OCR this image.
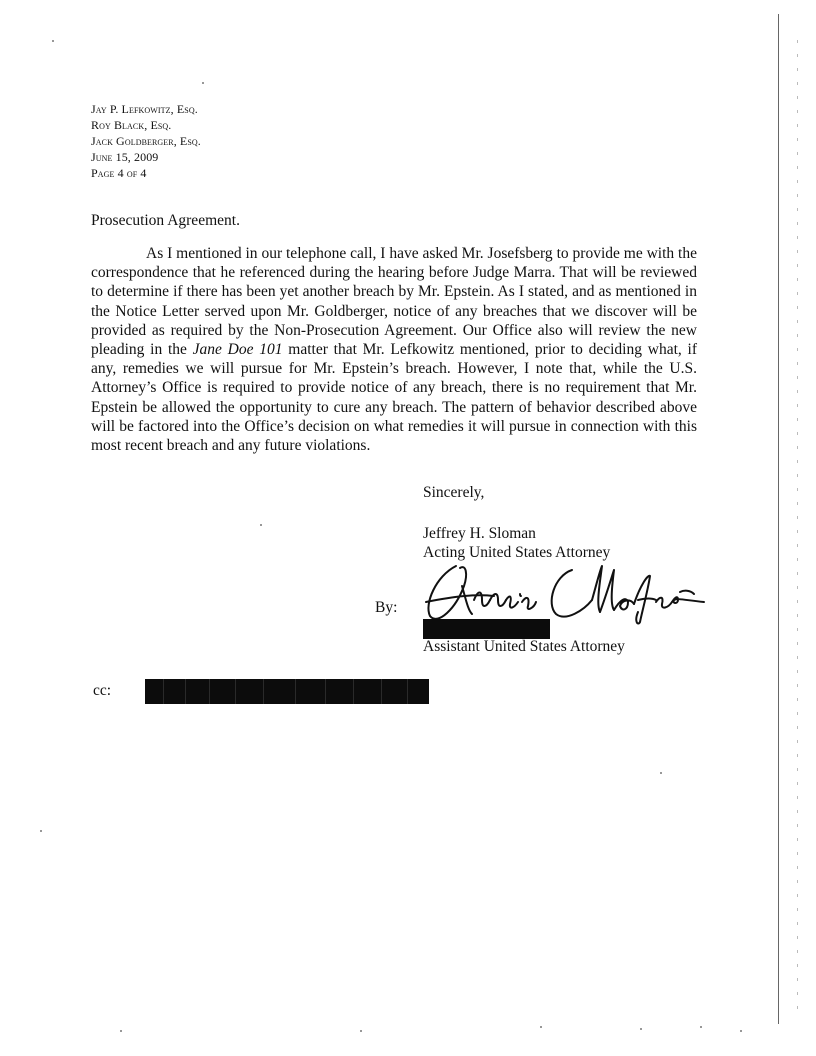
Jay P. Lefkowitz, Esq.
Roy Black, Esq.
Jack Goldberger, Esq.
June 15, 2009
Page 4 of 4
Prosecution Agreement.
As I mentioned in our telephone call, I have asked Mr. Josefsberg to provide me with the correspondence that he referenced during the hearing before Judge Marra. That will be reviewed to determine if there has been yet another breach by Mr. Epstein. As I stated, and as mentioned in the Notice Letter served upon Mr. Goldberger, notice of any breaches that we discover will be provided as required by the Non-Prosecution Agreement. Our Office also will review the new pleading in the Jane Doe 101 matter that Mr. Lefkowitz mentioned, prior to deciding what, if any, remedies we will pursue for Mr. Epstein’s breach. However, I note that, while the U.S. Attorney’s Office is required to provide notice of any breach, there is no requirement that Mr. Epstein be allowed the opportunity to cure any breach. The pattern of behavior described above will be factored into the Office’s decision on what remedies it will pursue in connection with this most recent breach and any future violations.
Sincerely,
Jeffrey H. Sloman
Acting United States Attorney
By:
Assistant United States Attorney
cc:
